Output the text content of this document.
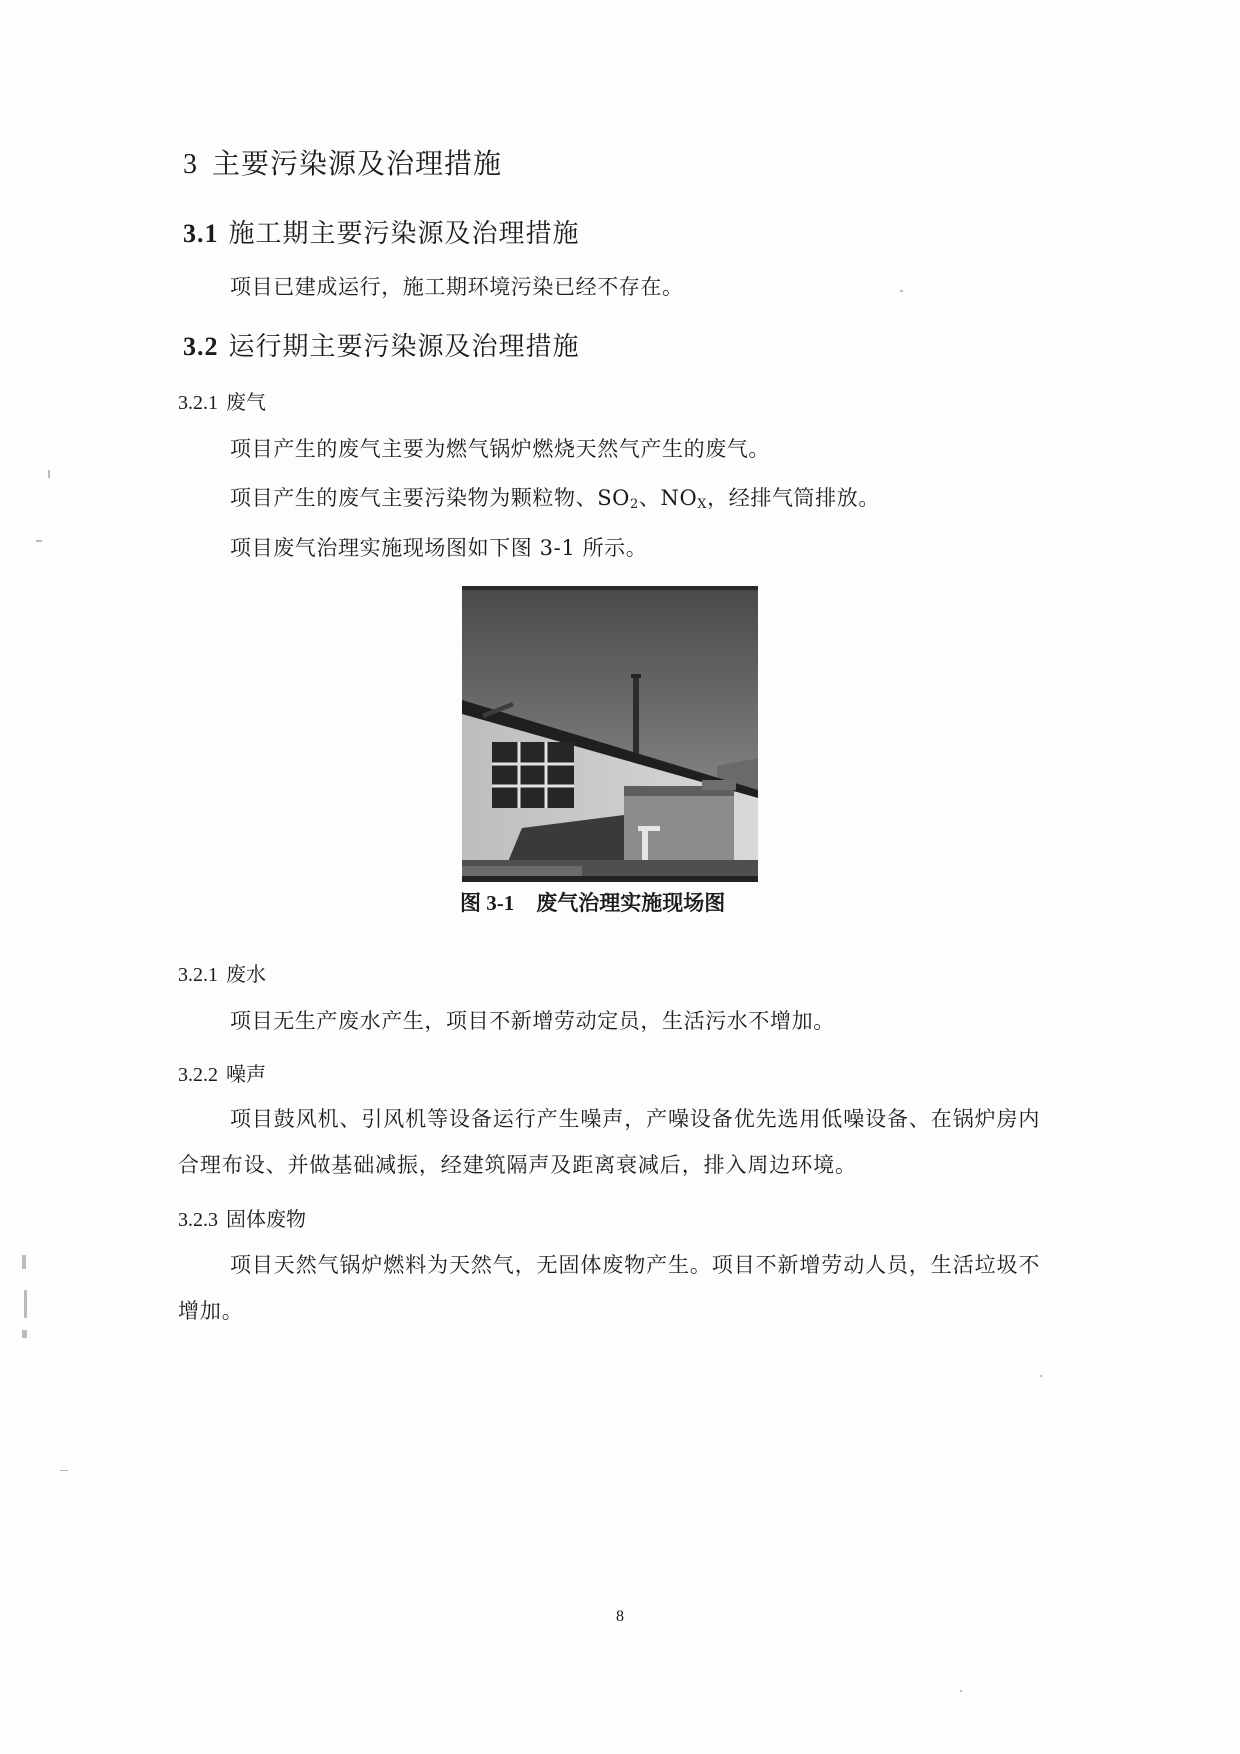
3 主要污染源及治理措施
3.1 施工期主要污染源及治理措施
项目已建成运行，施工期环境污染已经不存在。
3.2 运行期主要污染源及治理措施
3.2.1 废气
项目产生的废气主要为燃气锅炉燃烧天然气产生的废气。
项目产生的废气主要污染物为颗粒物、$SO_2$、$NO_X$，经排气筒排放。
项目废气治理实施现场图如下图 3-1 所示。
图 3-1 废气治理实施现场图
3.2.1 废水
项目无生产废水产生，项目不新增劳动定员，生活污水不增加。
3.2.2 噪声
项目鼓风机、引风机等设备运行产生噪声，产噪设备优先选用低噪设备、在锅炉房内合理布设、并做基础减振，经建筑隔声及距离衰减后，排入周边环境。
3.2.3 固体废物
项目天然气锅炉燃料为天然气，无固体废物产生。项目不新增劳动人员，生活垃圾不增加。
8
